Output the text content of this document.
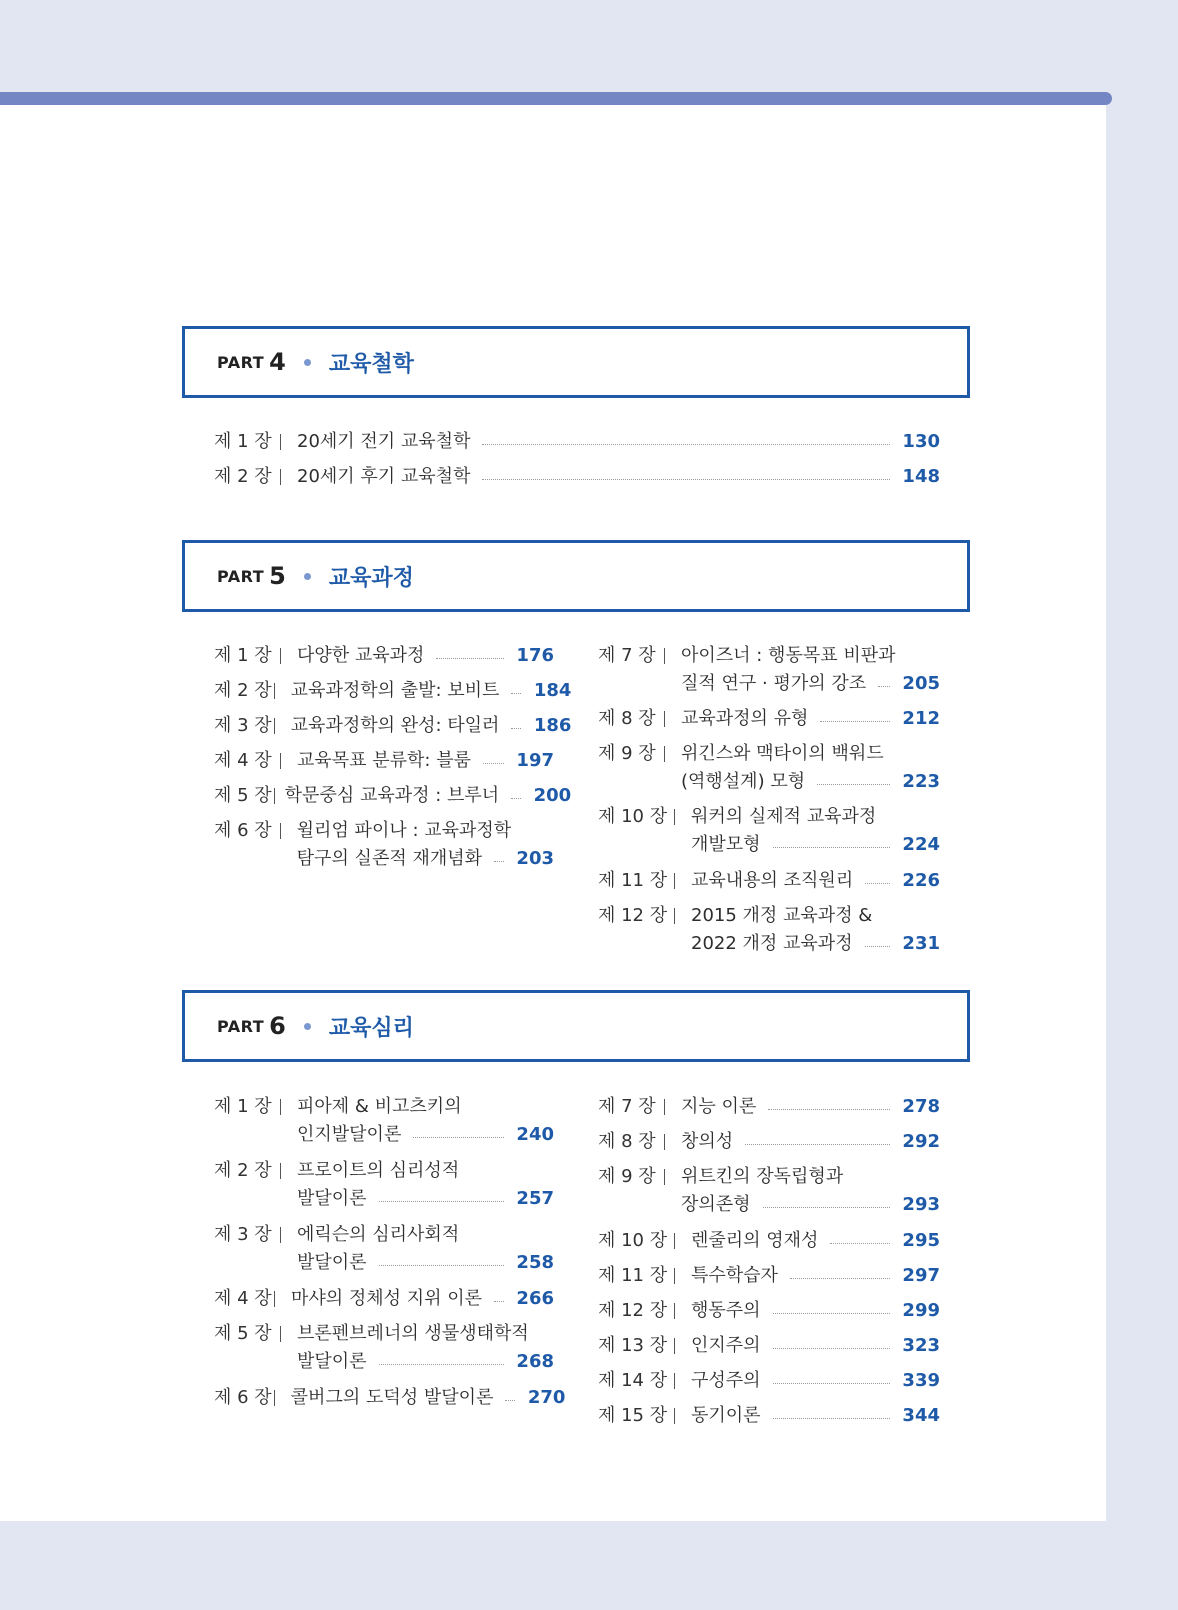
PART 4 교육철학
제 1 장	20세기 전기 교육철학	130
제 2 장	20세기 후기 교육철학	148
PART 5 교육과정
제 1 장	다양한 교육과정	176
제 2 장 교육과정학의 출발: 보비트 184
제 3 장 교육과정학의 완성: 타일러 186
제 4 장	교육목표 분류학: 블룸	197
제 5 장 학문중심 교육과정 : 브루너 200
제 6 장	윌리엄 파이나 : 교육과정학
탐구의 실존적 재개념화 203
제 7 장	아이즈너 : 행동목표 비판과
질적 연구 · 평가의 강조 205
제 8 장	교육과정의 유형	212
제 9 장	위긴스와 맥타이의 백워드
(역행설계) 모형	223
제 10 장 워커의 실제적 교육과정
개발모형	224
제 11 장 교육내용의 조직원리	226
제 12 장 2015 개정 교육과정 &
2022 개정 교육과정	231
PART 6 교육심리
제 1 장	피아제 & 비고츠키의
인지발달이론	240
제 2 장	프로이트의 심리성적
발달이론	257
제 3 장	에릭슨의 심리사회적
발달이론	258
제 4 장 마샤의 정체성 지위 이론 266
제 5 장	브론펜브레너의 생물생태학적
발달이론	268
제 6 장 콜버그의 도덕성 발달이론 270
제 7 장	지능 이론	278
제 8 장	창의성	292
제 9 장	위트킨의 장독립형과
장의존형	293
제 10 장 렌줄리의 영재성	295
제 11 장 특수학습자	297
제 12 장 행동주의	299
제 13 장 인지주의	323
제 14 장 구성주의	339
제 15 장 동기이론	344
